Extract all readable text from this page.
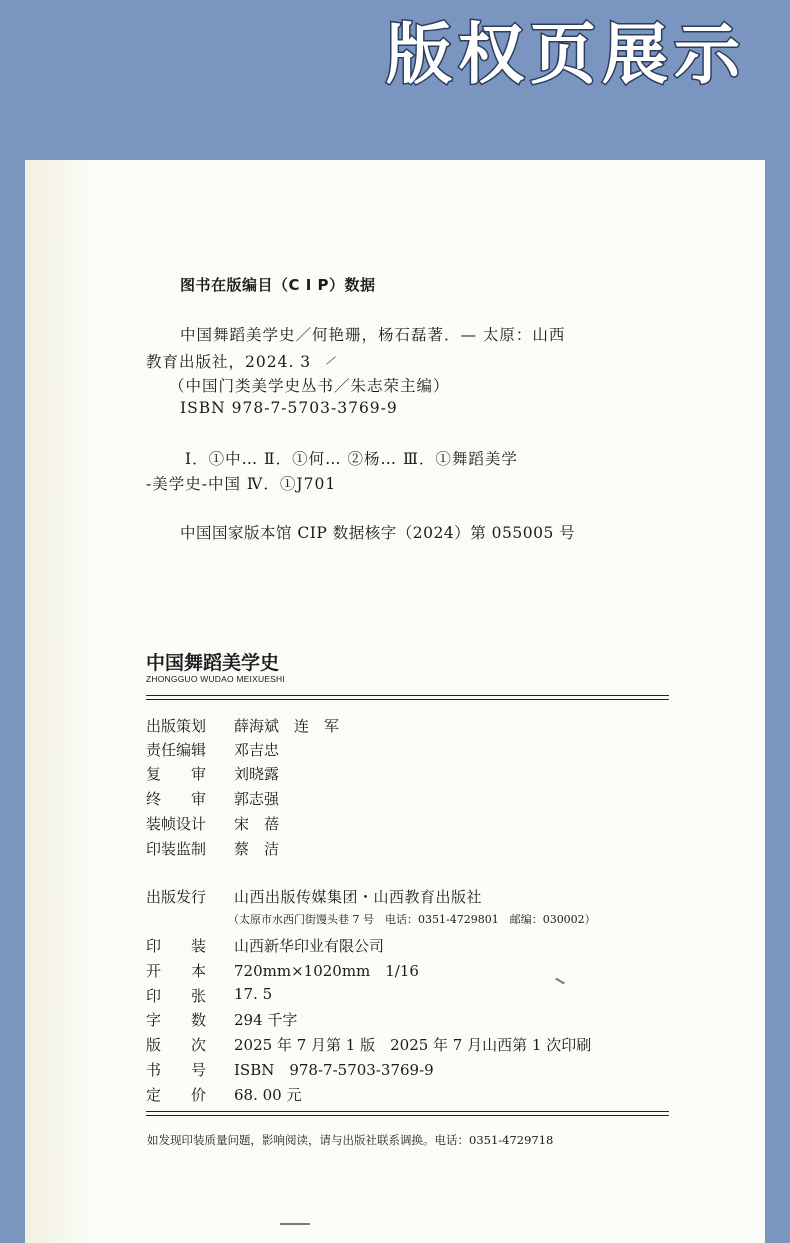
版权页展示
图书在版编目（C I P）数据
中国舞蹈美学史／何艳珊，杨石磊著．— 太原：山西
教育出版社，2024. 3
（中国门类美学史丛书／朱志荣主编）
ISBN 978-7-5703-3769-9
Ⅰ．①中… Ⅱ．①何… ②杨… Ⅲ．①舞蹈美学
-美学史-中国 Ⅳ．①J701
中国国家版本馆 CIP 数据核字（2024）第 055005 号
中国舞蹈美学史
ZHONGGUO WUDAO MEIXUESHI
出版策划 薛海斌　连　军
责任编辑 邓吉忠
复　　审 刘晓露
终　　审 郭志强
装帧设计 宋　蓓
印装监制 蔡　洁
出版发行 山西出版传媒集团・山西教育出版社
（太原市水西门街馒头巷 7 号　电话：0351-4729801　邮编：030002）
印　　装 山西新华印业有限公司
开　　本 720mm×1020mm　1/16
印　　张 17. 5
字　　数 294 千字
版　　次 2025 年 7 月第 1 版　2025 年 7 月山西第 1 次印刷
书　　号 ISBN　978-7-5703-3769-9
定　　价 68. 00 元
如发现印装质量问题，影响阅读，请与出版社联系调换。电话：0351-4729718
